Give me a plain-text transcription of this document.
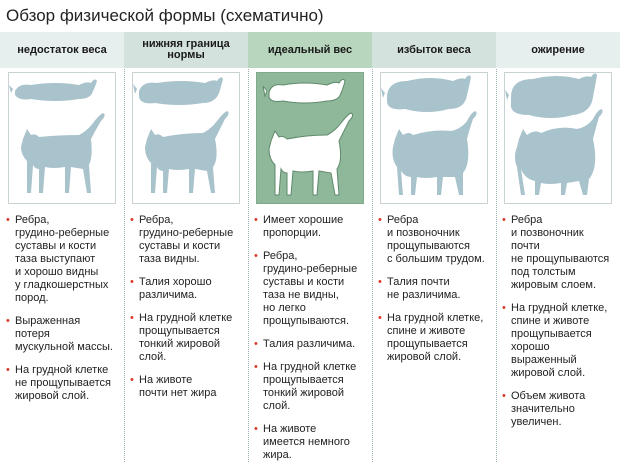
Обзор физической формы (схематично)
недостаток веса
• Ребра,
грудино-реберные
суставы и кости
таза выступают
и хорошо видны
у гладкошерстных
пород.
• Выраженная
потеря
мускульной массы.
• На грудной клетке
не прощупывается
жировой слой.
нижняя граница
нормы
• Ребра,
грудино-реберные
суставы и кости
таза видны.
• Талия хорошо
различима.
• На грудной клетке
прощупывается
тонкий жировой
слой.
• На животе
почти нет жира
идеальный вес
• Имеет хорошие
пропорции.
• Ребра,
грудино-реберные
суставы и кости
таза не видны,
но легко
прощупываются.
• Талия различима.
• На грудной клетке
прощупывается
тонкий жировой
слой.
• На животе
имеется немного
жира.
избыток веса
• Ребра
и позвоночник
прощупываются
с большим трудом.
• Талия почти
не различима.
• На грудной клетке,
спине и животе
прощупывается
жировой слой.
ожирение
• Ребра
и позвоночник
почти
не прощупываются
под толстым
жировым слоем.
• На грудной клетке,
спине и животе
прощупывается
хорошо
выраженный
жировой слой.
• Объем живота
значительно
увеличен.
